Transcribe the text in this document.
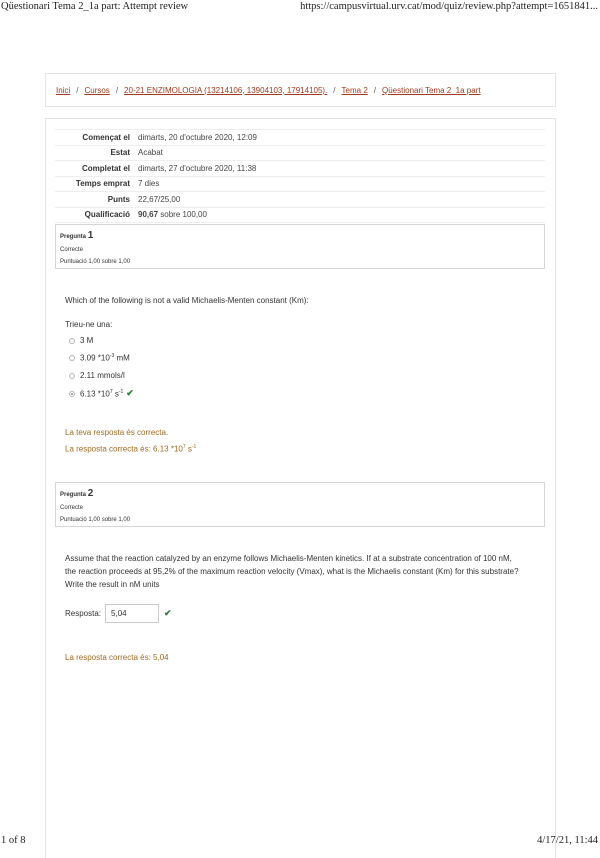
Qüestionari Tema 2_1a part: Attempt review	https://campusvirtual.urv.cat/mod/quiz/review.php?attempt=1651841...
Inici / Cursos / 20-21 ENZIMOLOGIA (13214106, 13904103, 17914105). / Tema 2 / Qüestionari Tema 2_1a part
Començat el	dimarts, 20 d'octubre 2020, 12:09
Estat	Acabat
Completat el	dimarts, 27 d'octubre 2020, 11:38
Temps emprat	7 dies
Punts	22,67/25,00
Qualificació	90,67 sobre 100,00
Pregunta 1
Correcte
Puntuació 1,00 sobre 1,00
Which of the following is not a valid Michaelis-Menten constant (Km):
Trieu-ne una:
3 M
3.09 $*10^{-3}$ mM
2.11 mmols/l
6.13 $*10^7$ $s^{-1}$ ✔
La teva resposta és correcta.
La resposta correcta és: 6.13 $*10^7$ $s^{-1}$
Pregunta 2
Correcte
Puntuació 1,00 sobre 1,00
Assume that the reaction catalyzed by an enzyme follows Michaelis-Menten kinetics. If at a substrate concentration of 100 nM, the reaction proceeds at 95,2% of the maximum reaction velocity (Vmax), what is the Michaelis constant (Km) for this substrate? Write the result in nM units
Resposta:
5,04	✔
La resposta correcta és: 5,04
1 of 8	4/17/21, 11:44
